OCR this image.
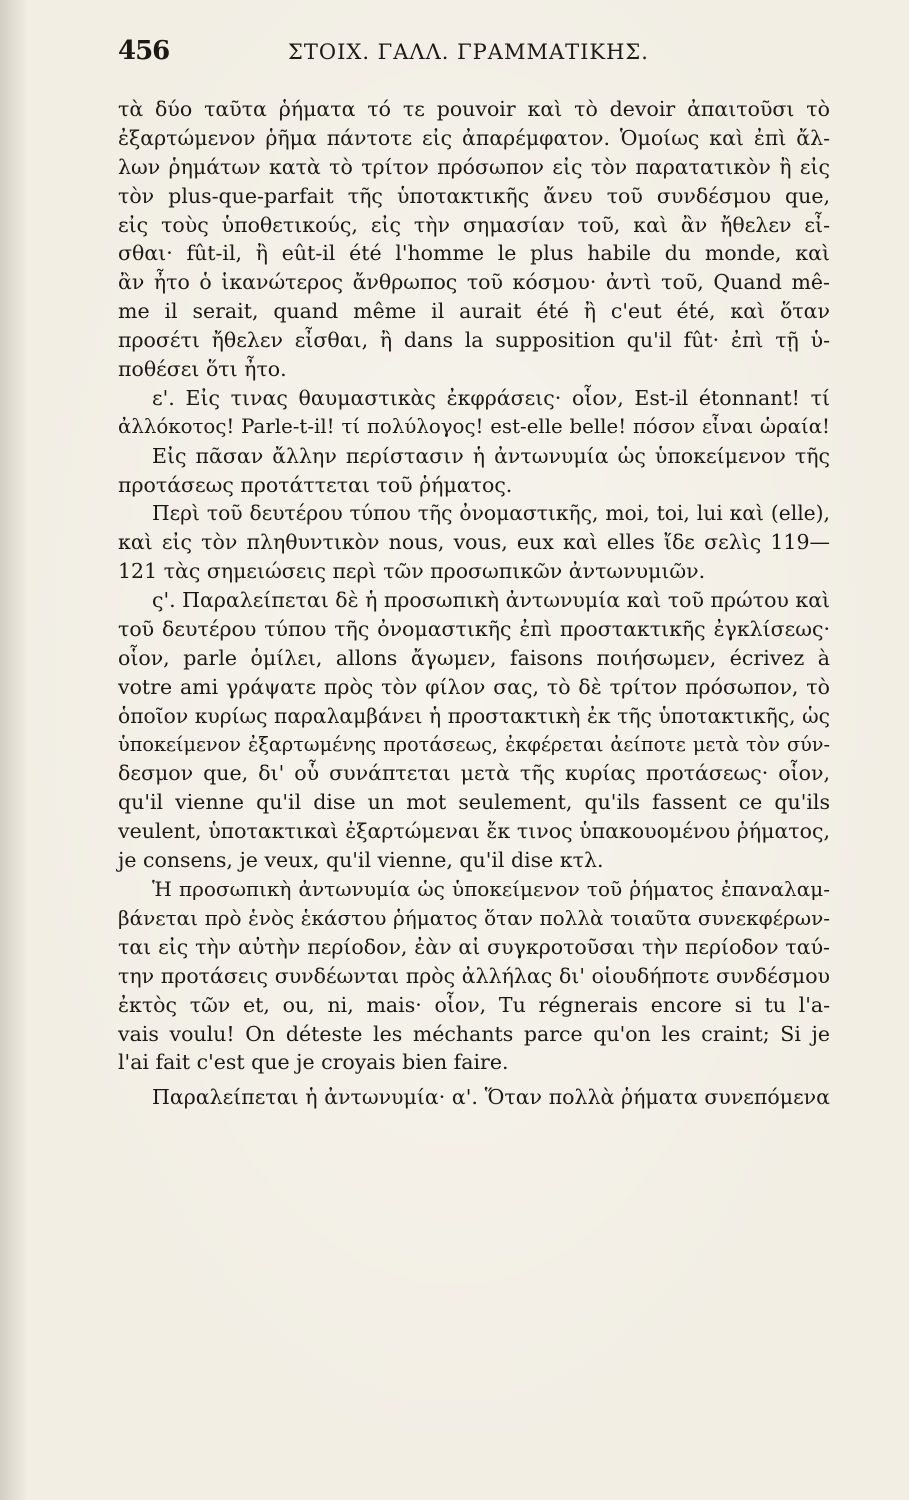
456	ΣΤΟΙΧ. ΓΑΛΛ. ΓΡΑΜΜΑΤΙΚΗΣ.
τὰ δύο ταῦτα ῥήματα τό τε pouvoir καὶ τὸ devoir ἀπαιτοῦσι τὸ
ἐξαρτώμενον ῥῆμα πάντοτε εἰς ἀπαρέμφατον. Ὁμοίως καὶ ἐπὶ ἄλ-
λων ῥημάτων κατὰ τὸ τρίτον πρόσωπον εἰς τὸν παρατατικὸν ἢ εἰς
τὸν plus-que-parfait τῆς ὑποτακτικῆς ἄνευ τοῦ συνδέσμου que,
εἰς τοὺς ὑποθετικούς, εἰς τὴν σημασίαν τοῦ, καὶ ἂν ἤθελεν εἶ-
σθαι· fût-il, ἢ eût-il été l'homme le plus habile du monde, καὶ
ἂν ἦτο ὁ ἱκανώτερος ἄνθρωπος τοῦ κόσμου· ἀντὶ τοῦ, Quand mê-
me il serait, quand même il aurait été ἢ c'eut été, καὶ ὅταν
προσέτι ἤθελεν εἶσθαι, ἢ dans la supposition qu'il fût· ἐπὶ τῇ ὑ-
ποθέσει ὅτι ἦτο.
ε'. Εἰς τινας θαυμαστικὰς ἐκφράσεις· οἷον, Est-il étonnant! τί
ἀλλόκοτος! Parle-t-il! τί πολύλογος! est-elle belle! πόσον εἶναι ὡραία!
Εἰς πᾶσαν ἄλλην περίστασιν ἡ ἀντωνυμία ὡς ὑποκείμενον τῆς
προτάσεως προτάττεται τοῦ ῥήματος.
Περὶ τοῦ δευτέρου τύπου τῆς ὀνομαστικῆς, moi, toi, lui καὶ (elle),
καὶ εἰς τὸν πληθυντικὸν nous, vous, eux καὶ elles ἴδε σελὶς 119—
121 τὰς σημειώσεις περὶ τῶν προσωπικῶν ἀντωνυμιῶν.
ς'. Παραλείπεται δὲ ἡ προσωπικὴ ἀντωνυμία καὶ τοῦ πρώτου καὶ
τοῦ δευτέρου τύπου τῆς ὀνομαστικῆς ἐπὶ προστακτικῆς ἐγκλίσεως·
οἷον, parle ὁμίλει, allons ἄγωμεν, faisons ποιήσωμεν, écrivez à
votre ami γράψατε πρὸς τὸν φίλον σας, τὸ δὲ τρίτον πρόσωπον, τὸ
ὁποῖον κυρίως παραλαμβάνει ἡ προστακτικὴ ἐκ τῆς ὑποτακτικῆς, ὡς
ὑποκείμενον ἐξαρτωμένης προτάσεως, ἐκφέρεται ἀείποτε μετὰ τὸν σύν-
δεσμον que, δι' οὗ συνάπτεται μετὰ τῆς κυρίας προτάσεως· οἷον,
qu'il vienne qu'il dise un mot seulement, qu'ils fassent ce qu'ils
veulent, ὑποτακτικαὶ ἐξαρτώμεναι ἔκ τινος ὑπακουομένου ῥήματος,
je consens, je veux, qu'il vienne, qu'il dise κτλ.
Ἡ προσωπικὴ ἀντωνυμία ὡς ὑποκείμενον τοῦ ῥήματος ἐπαναλαμ-
βάνεται πρὸ ἑνὸς ἑκάστου ῥήματος ὅταν πολλὰ τοιαῦτα συνεκφέρων-
ται εἰς τὴν αὐτὴν περίοδον, ἐὰν αἱ συγκροτοῦσαι τὴν περίοδον ταύ-
την προτάσεις συνδέωνται πρὸς ἀλλήλας δι' οἱουδήποτε συνδέσμου
ἐκτὸς τῶν et, ou, ni, mais· οἷον, Tu régnerais encore si tu l'a-
vais voulu! On déteste les méchants parce qu'on les craint; Si je
l'ai fait c'est que je croyais bien faire.
Παραλείπεται ἡ ἀντωνυμία· α'. Ὅταν πολλὰ ῥήματα συνεπόμενα
